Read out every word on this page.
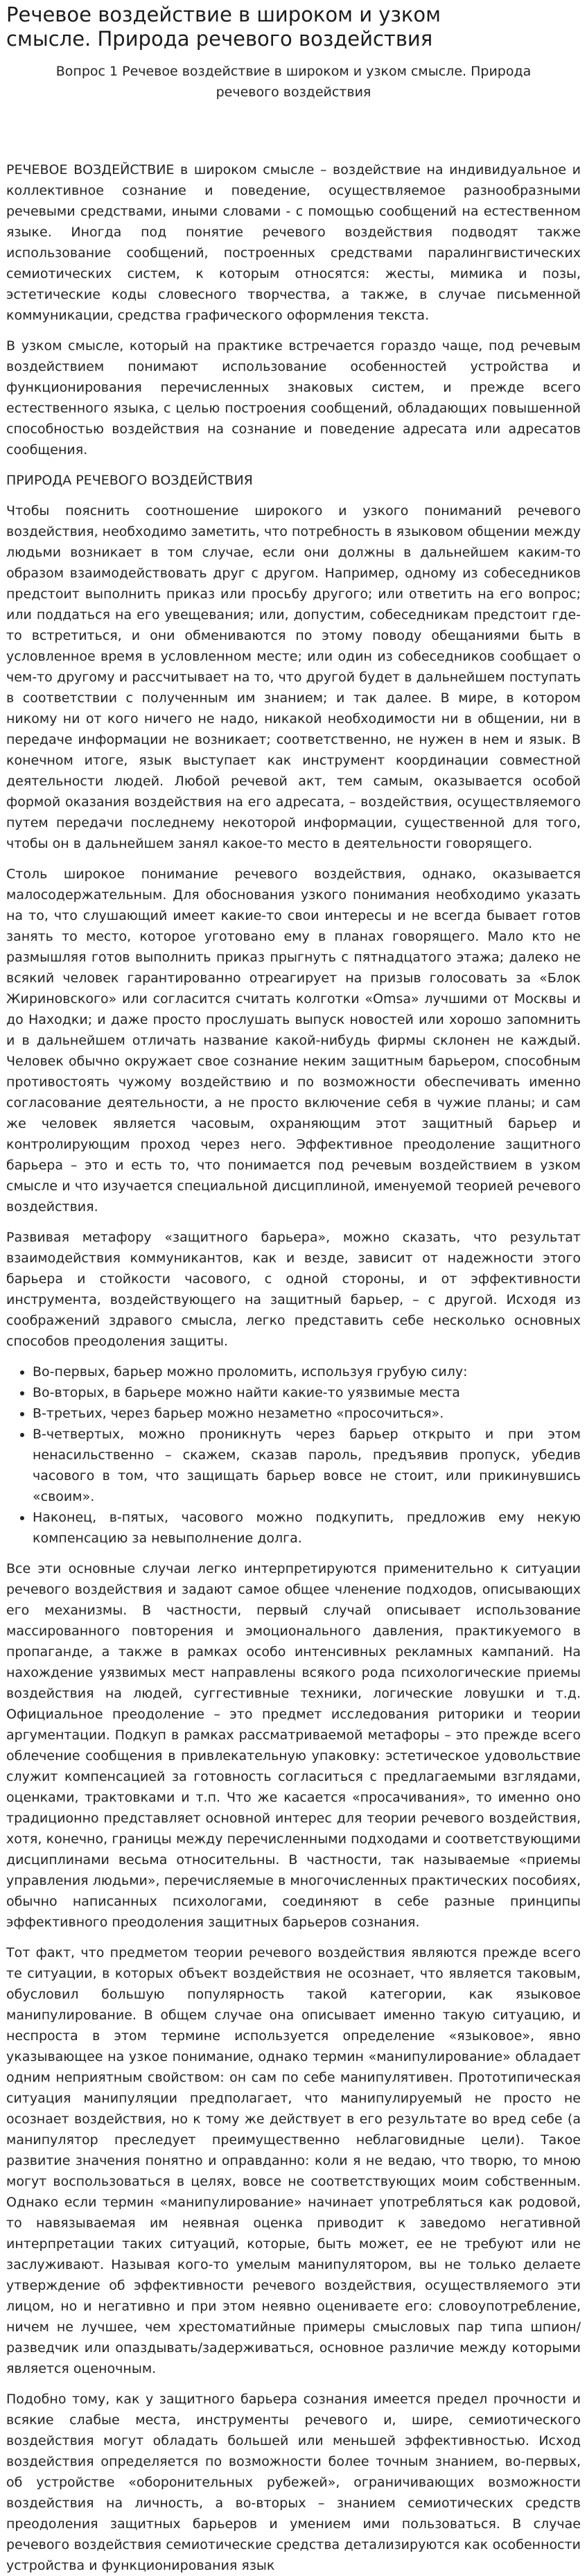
Речевое воздействие в широком и узком смысле. Природа речевого воздействия
Вопрос 1 Речевое воздействие в широком и узком смысле. Природа речевого воздействия

РЕЧЕВОЕ ВОЗДЕЙСТВИЕ в широком смысле – воздействие на индивидуальное и коллективное сознание и поведение, осуществляемое разнообразными речевыми средствами, иными словами - с помощью сообщений на естественном языке. Иногда под понятие речевого воздействия подводят также использование сообщений, построенных средствами паралингвистических семиотических систем, к которым относятся: жесты, мимика и позы, эстетические коды словесного творчества, а также, в случае письменной коммуникации, средства графического оформления текста.

В узком смысле, который на практике встречается гораздо чаще, под речевым воздействием понимают использование особенностей устройства и функционирования перечисленных знаковых систем, и прежде всего естественного языка, с целью построения сообщений, обладающих повышенной способностью воздействия на сознание и поведение адресата или адресатов сообщения.

ПРИРОДА РЕЧЕВОГО ВОЗДЕЙСТВИЯ

Чтобы пояснить соотношение широкого и узкого пониманий речевого воздействия, необходимо заметить, что потребность в языковом общении между людьми возникает в том случае, если они должны в дальнейшем каким-то образом взаимодействовать друг с другом. Например, одному из собеседников предстоит выполнить приказ или просьбу другого; или ответить на его вопрос; или поддаться на его увещевания; или, допустим, собеседникам предстоит где-то встретиться, и они обмениваются по этому поводу обещаниями быть в условленное время в условленном месте; или один из собеседников сообщает о чем-то другому и рассчитывает на то, что другой будет в дальнейшем поступать в соответствии с полученным им знанием; и так далее. В мире, в котором никому ни от кого ничего не надо, никакой необходимости ни в общении, ни в передаче информации не возникает; соответственно, не нужен в нем и язык. В конечном итоге, язык выступает как инструмент координации совместной деятельности людей. Любой речевой акт, тем самым, оказывается особой формой оказания воздействия на его адресата, – воздействия, осуществляемого путем передачи последнему некоторой информации, существенной для того, чтобы он в дальнейшем занял какое-то место в деятельности говорящего.

Столь широкое понимание речевого воздействия, однако, оказывается малосодержательным. Для обоснования узкого понимания необходимо указать на то, что слушающий имеет какие-то свои интересы и не всегда бывает готов занять то место, которое уготовано ему в планах говорящего. Мало кто не размышляя готов выполнить приказ прыгнуть с пятнадцатого этажа; далеко не всякий человек гарантированно отреагирует на призыв голосовать за «Блок Жириновского» или согласится считать колготки «Omsa» лучшими от Москвы и до Находки; и даже просто прослушать выпуск новостей или хорошо запомнить и в дальнейшем отличать название какой-нибудь фирмы склонен не каждый. Человек обычно окружает свое сознание неким защитным барьером, способным противостоять чужому воздействию и по возможности обеспечивать именно согласование деятельности, а не просто включение себя в чужие планы; и сам же человек является часовым, охраняющим этот защитный барьер и контролирующим проход через него. Эффективное преодоление защитного барьера – это и есть то, что понимается под речевым воздействием в узком смысле и что изучается специальной дисциплиной, именуемой теорией речевого воздействия.

Развивая метафору «защитного барьера», можно сказать, что результат взаимодействия коммуникантов, как и везде, зависит от надежности этого барьера и стойкости часового, с одной стороны, и от эффективности инструмента, воздействующего на защитный барьер, – с другой. Исходя из соображений здравого смысла, легко представить себе несколько основных способов преодоления защиты.

• Во-первых, барьер можно проломить, используя грубую силу:
• Во-вторых, в барьере можно найти какие-то уязвимые места
• В-третьих, через барьер можно незаметно «просочиться».
• В-четвертых, можно проникнуть через барьер открыто и при этом ненасильственно – скажем, сказав пароль, предъявив пропуск, убедив часового в том, что защищать барьер вовсе не стоит, или прикинувшись «своим».
• Наконец, в-пятых, часового можно подкупить, предложив ему некую компенсацию за невыполнение долга.

Все эти основные случаи легко интерпретируются применительно к ситуации речевого воздействия и задают самое общее членение подходов, описывающих его механизмы. В частности, первый случай описывает использование массированного повторения и эмоционального давления, практикуемого в пропаганде, а также в рамках особо интенсивных рекламных кампаний. На нахождение уязвимых мест направлены всякого рода психологические приемы воздействия на людей, суггестивные техники, логические ловушки и т.д. Официальное преодоление – это предмет исследования риторики и теории аргументации. Подкуп в рамках рассматриваемой метафоры – это прежде всего облечение сообщения в привлекательную упаковку: эстетическое удовольствие служит компенсацией за готовность согласиться с предлагаемыми взглядами, оценками, трактовками и т.п. Что же касается «просачивания», то именно оно традиционно представляет основной интерес для теории речевого воздействия, хотя, конечно, границы между перечисленными подходами и соответствующими дисциплинами весьма относительны. В частности, так называемые «приемы управления людьми», перечисляемые в многочисленных практических пособиях, обычно написанных психологами, соединяют в себе разные принципы эффективного преодоления защитных барьеров сознания.

Тот факт, что предметом теории речевого воздействия являются прежде всего те ситуации, в которых объект воздействия не осознает, что является таковым, обусловил большую популярность такой категории, как языковое манипулирование. В общем случае она описывает именно такую ситуацию, и неспроста в этом термине используется определение «языковое», явно указывающее на узкое понимание, однако термин «манипулирование» обладает одним неприятным свойством: он сам по себе манипулятивен. Прототипическая ситуация манипуляции предполагает, что манипулируемый не просто не осознает воздействия, но к тому же действует в его результате во вред себе (а манипулятор преследует преимущественно неблаговидные цели). Такое развитие значения понятно и оправданно: коли я не ведаю, что творю, то мною могут воспользоваться в целях, вовсе не соответствующих моим собственным. Однако если термин «манипулирование» начинает употребляться как родовой, то навязываемая им неявная оценка приводит к заведомо негативной интерпретации таких ситуаций, которые, быть может, ее не требуют или не заслуживают. Называя кого-то умелым манипулятором, вы не только делаете утверждение об эффективности речевого воздействия, осуществляемого эти лицом, но и негативно и при этом неявно оцениваете его: словоупотребление, ничем не лучшее, чем хрестоматийные примеры смысловых пар типа шпион/разведчик или опаздывать/задерживаться, основное различие между которыми является оценочным.

Подобно тому, как у защитного барьера сознания имеется предел прочности и всякие слабые места, инструменты речевого и, шире, семиотического воздействия могут обладать большей или меньшей эффективностью. Исход воздействия определяется по возможности более точным знанием, во-первых, об устройстве «оборонительных рубежей», ограничивающих возможности воздействия на личность, а во-вторых – знанием семиотических средств преодоления защитных барьеров и умением ими пользоваться. В случае речевого воздействия семиотические средства детализируются как особенности устройства и функционирования язык
